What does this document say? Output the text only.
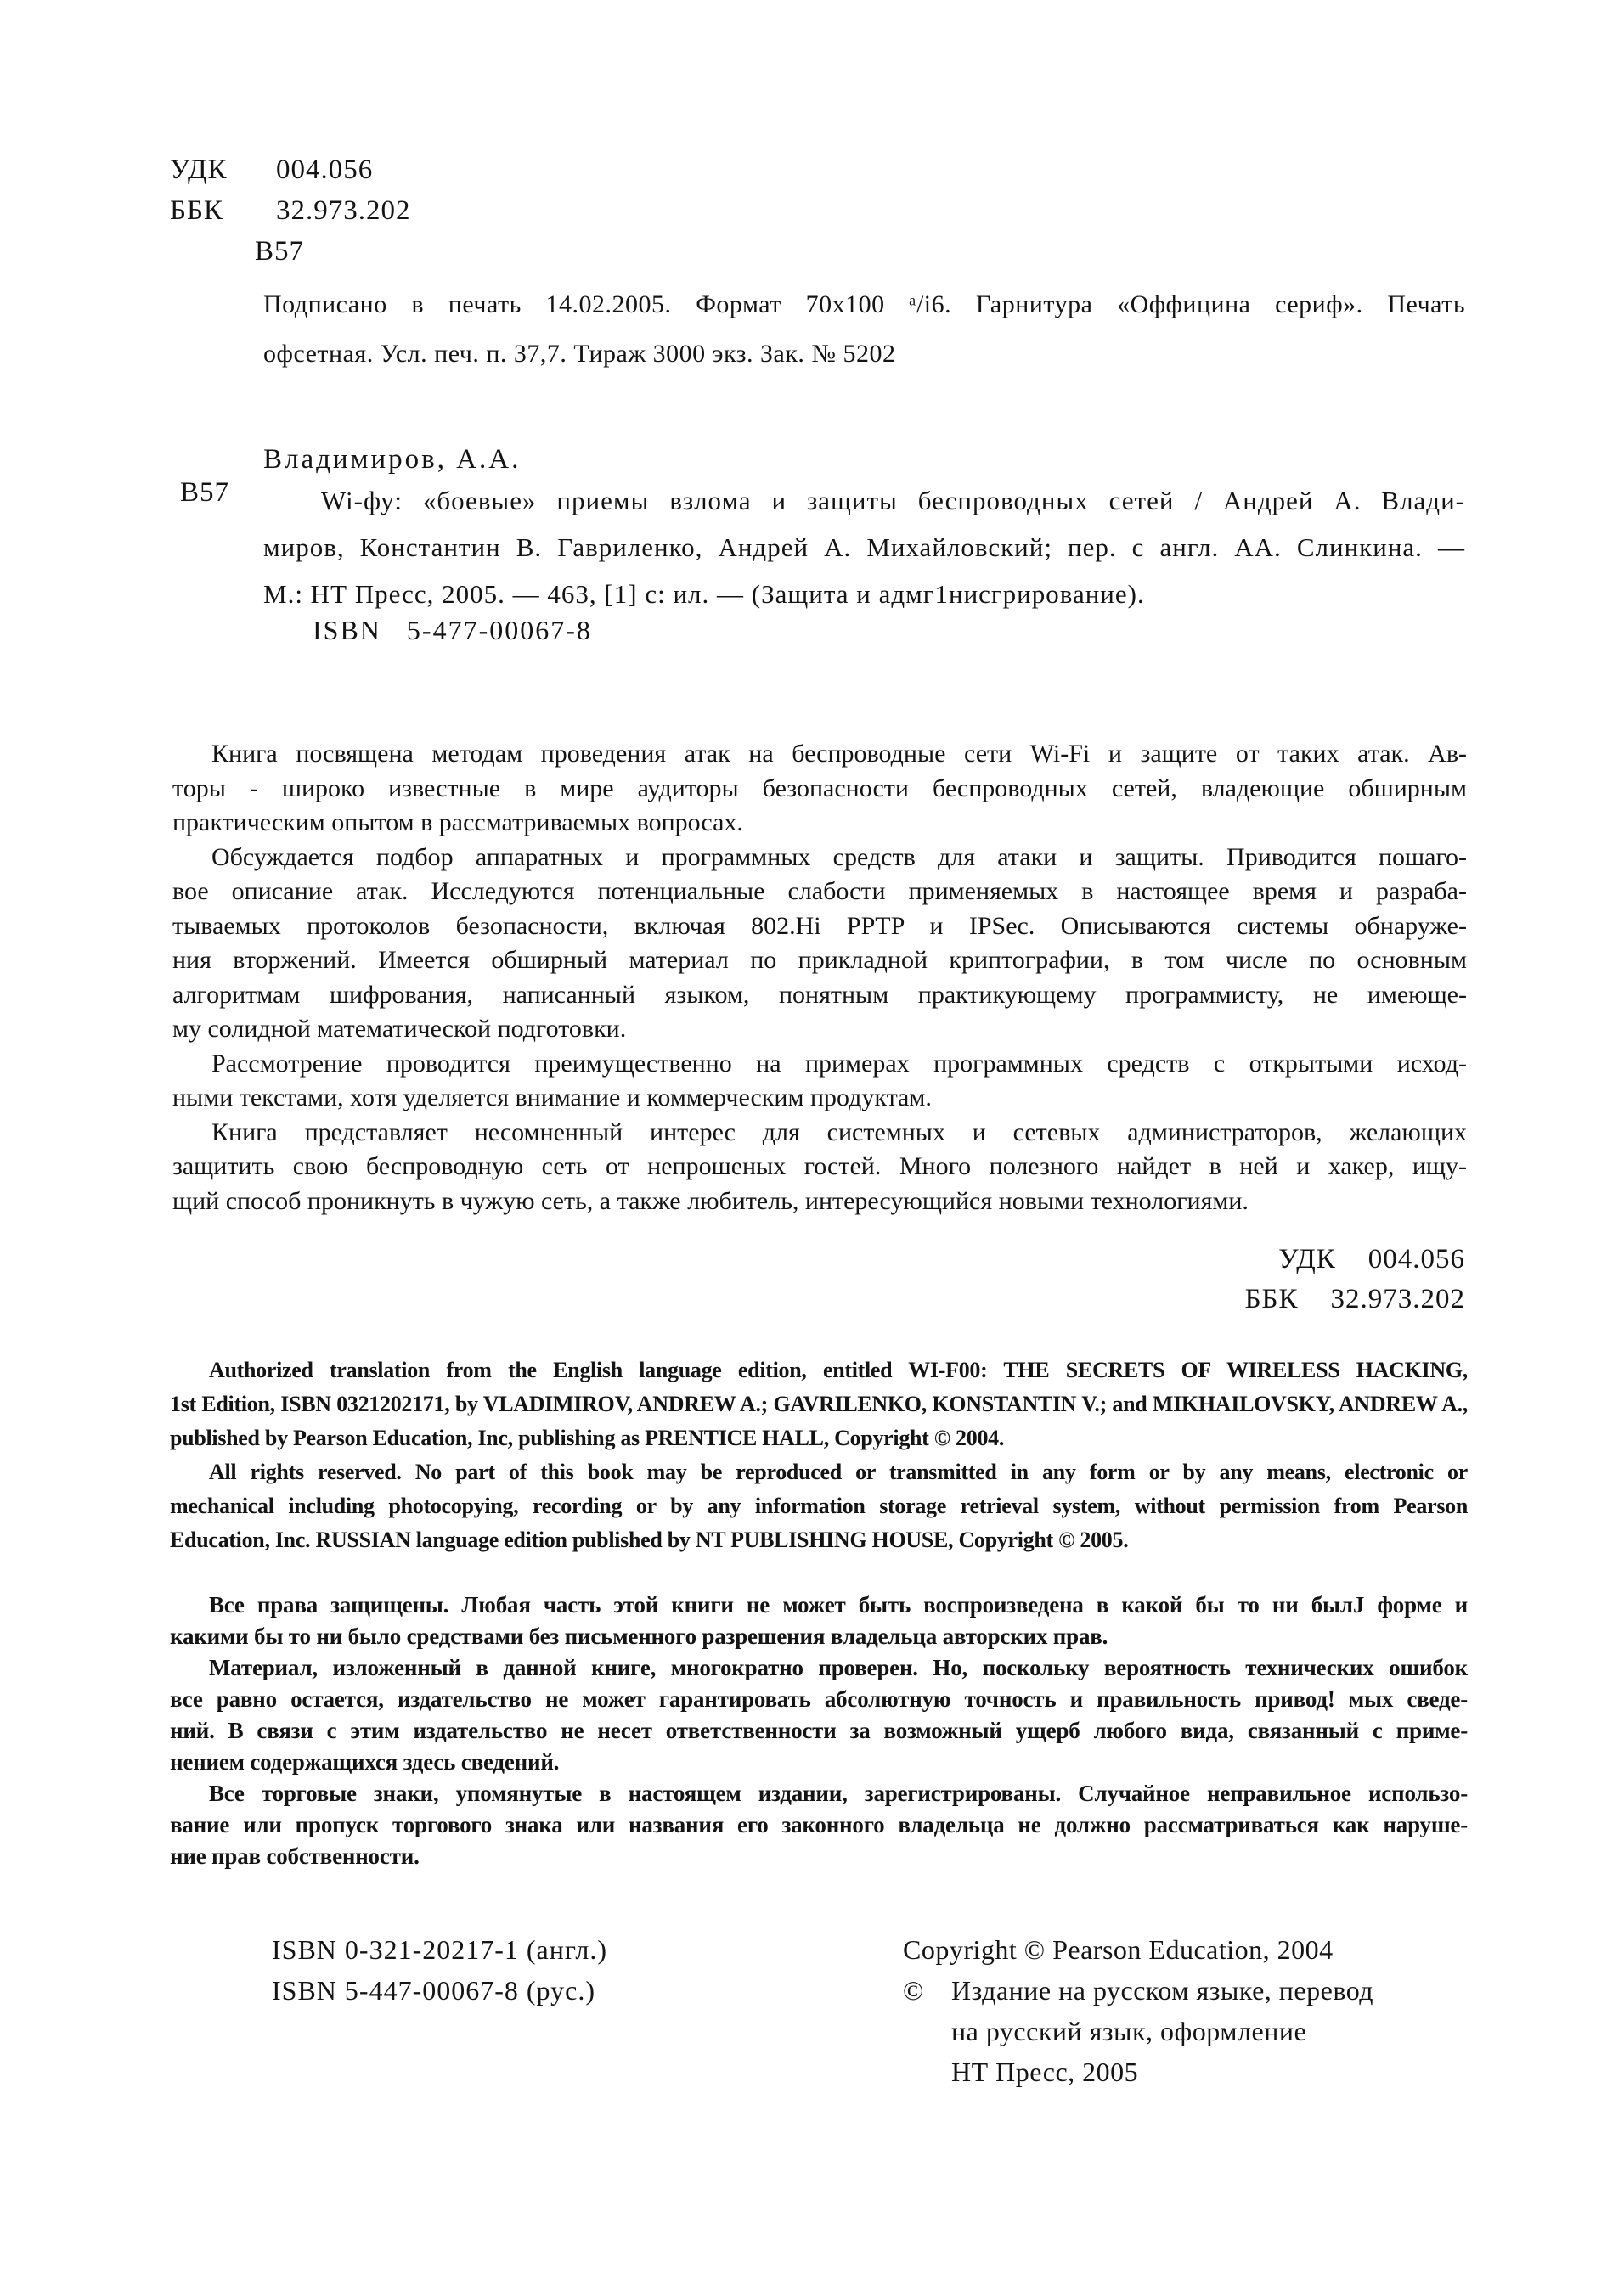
УДК 004.056
ББК 32.973.202
В57
Подписано в печать 14.02.2005. Формат 70х100 ᵃ/i6. Гарнитура «Оффицина сериф». Печать
офсетная. Усл. печ. п. 37,7. Тираж 3000 экз. Зак. № 5202
Владимиров, А.А.
В57	Wi-фу: «боевые» приемы взлома и защиты беспроводных сетей / Андрей А. Влади-
миров, Константин В. Гавриленко, Андрей А. Михайловский; пер. с англ. АА. Слинкина. —
М.: НТ Пресс, 2005. — 463, [1] с: ил. — (Защита и адмг1нисгрирование).
ISBN 5-477-00067-8
Книга посвящена методам проведения атак на беспроводные сети Wi-Fi и защите от таких атак. Ав-
торы - широко известные в мире аудиторы безопасности беспроводных сетей, владеющие обширным
практическим опытом в рассматриваемых вопросах.
Обсуждается подбор аппаратных и программных средств для атаки и защиты. Приводится пошаго-
вое описание атак. Исследуются потенциальные слабости применяемых в настоящее время и разраба-
тываемых протоколов безопасности, включая 802.Hi PPTP и IPSec. Описываются системы обнаруже-
ния вторжений. Имеется обширный материал по прикладной криптографии, в том числе по основным
алгоритмам шифрования, написанный языком, понятным практикующему программисту, не имеюще-
му солидной математической подготовки.
Рассмотрение проводится преимущественно на примерах программных средств с открытыми исход-
ными текстами, хотя уделяется внимание и коммерческим продуктам.
Книга представляет несомненный интерес для системных и сетевых администраторов, желающих
защитить свою беспроводную сеть от непрошеных гостей. Много полезного найдет в ней и хакер, ищу-
щий способ проникнуть в чужую сеть, а также любитель, интересующийся новыми технологиями.
УДК 004.056
ББК 32.973.202
Authorized translation from the English language edition, entitled WI-F00: THE SECRETS OF WIRELESS HACKING,
1st Edition, ISBN 0321202171, by VLADIMIROV, ANDREW A.; GAVRILENKO, KONSTANTIN V.; and MIKHAILOVSKY, ANDREW A.,
published by Pearson Education, Inc, publishing as PRENTICE HALL, Copyright © 2004.
All rights reserved. No part of this book may be reproduced or transmitted in any form or by any means, electronic or
mechanical including photocopying, recording or by any information storage retrieval system, without permission from Pearson
Education, Inc. RUSSIAN language edition published by NT PUBLISHING HOUSE, Copyright © 2005.
Все права защищены. Любая часть этой книги не может быть воспроизведена в какой бы то ни былJ форме и
какими бы то ни было средствами без письменного разрешения владельца авторских прав.
Материал, изложенный в данной книге, многократно проверен. Но, поскольку вероятность технических ошибок
все равно остается, издательство не может гарантировать абсолютную точность и правильность привод! мых сведе-
ний. В связи с этим издательство не несет ответственности за возможный ущерб любого вида, связанный с приме-
нением содержащихся здесь сведений.
Все торговые знаки, упомянутые в настоящем издании, зарегистрированы. Случайное неправильное использо-
вание или пропуск торгового знака или названия его законного владельца не должно рассматриваться как наруше-
ние прав собственности.
ISBN 0-321-20217-1 (англ.)
ISBN 5-447-00067-8 (рус.)
Copyright © Pearson Education, 2004
© Издание на русском языке, перевод
на русский язык, оформление
НТ Пресс, 2005
